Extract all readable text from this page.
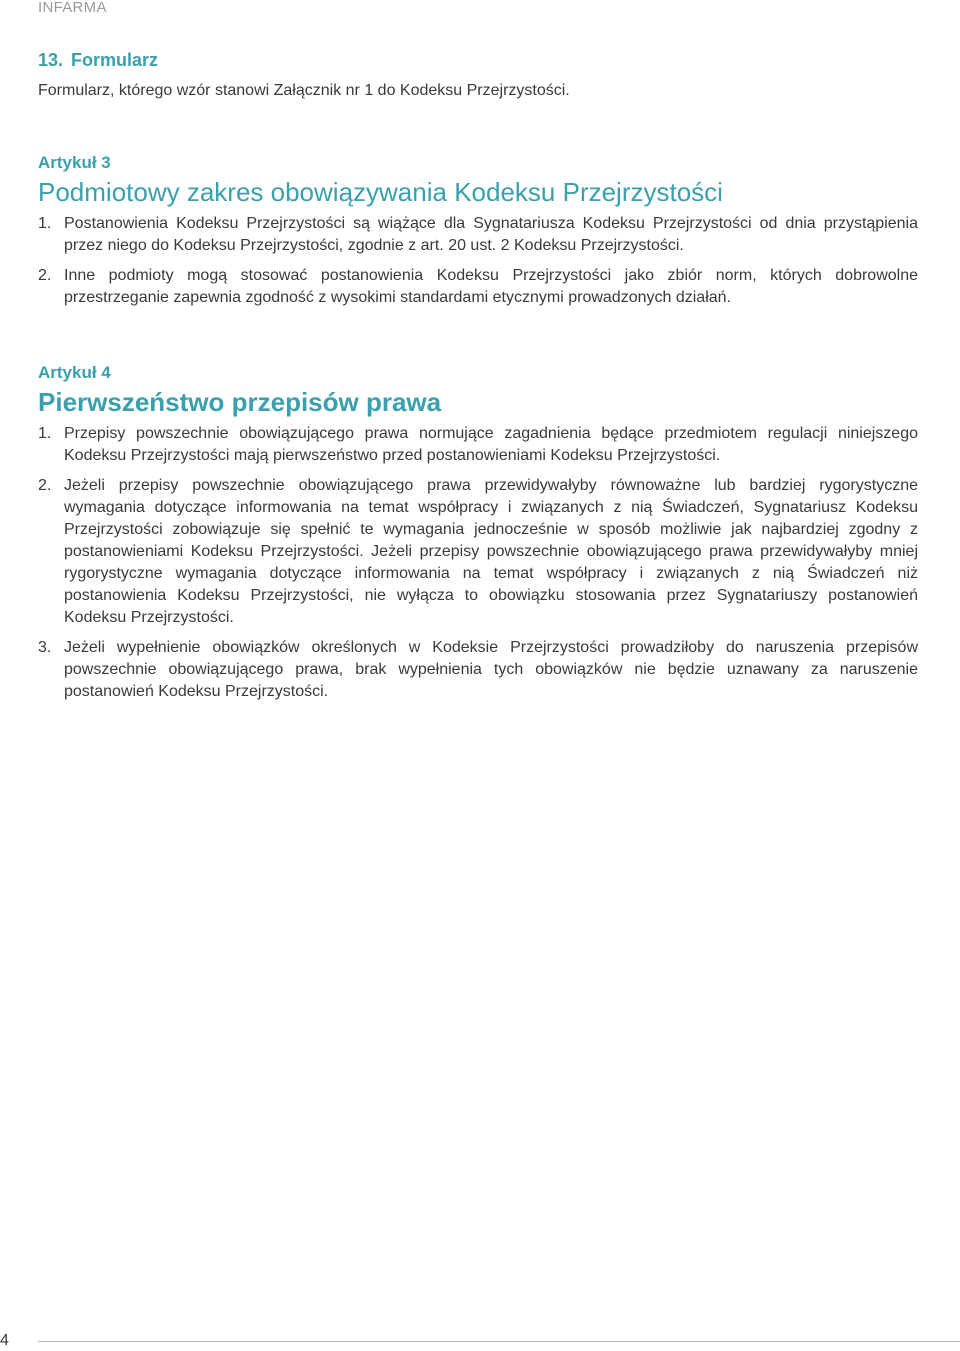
INFARMA
13. Formularz
Formularz, którego wzór stanowi Załącznik nr 1 do Kodeksu Przejrzystości.
Artykuł 3
Podmiotowy zakres obowiązywania Kodeksu Przejrzystości
1. Postanowienia Kodeksu Przejrzystości są wiążące dla Sygnatariusza Kodeksu Przejrzystości od dnia przystąpienia przez niego do Kodeksu Przejrzystości, zgodnie z art. 20 ust. 2 Kodeksu Przejrzystości.
2. Inne podmioty mogą stosować postanowienia Kodeksu Przejrzystości jako zbiór norm, których dobrowolne przestrzeganie zapewnia zgodność z wysokimi standardami etycznymi prowadzonych działań.
Artykuł 4
Pierwszeństwo przepisów prawa
1. Przepisy powszechnie obowiązującego prawa normujące zagadnienia będące przedmiotem regulacji niniejszego Kodeksu Przejrzystości mają pierwszeństwo przed postanowieniami Kodeksu Przejrzystości.
2. Jeżeli przepisy powszechnie obowiązującego prawa przewidywałyby równoważne lub bardziej rygorystyczne wymagania dotyczące informowania na temat współpracy i związanych z nią Świadczeń, Sygnatariusz Kodeksu Przejrzystości zobowiązuje się spełnić te wymagania jednocześnie w sposób możliwie jak najbardziej zgodny z postanowieniami Kodeksu Przejrzystości. Jeżeli przepisy powszechnie obowiązującego prawa przewidywałyby mniej rygorystyczne wymagania dotyczące informowania na temat współpracy i związanych z nią Świadczeń niż postanowienia Kodeksu Przejrzystości, nie wyłącza to obowiązku stosowania przez Sygnatariuszy postanowień Kodeksu Przejrzystości.
3. Jeżeli wypełnienie obowiązków określonych w Kodeksie Przejrzystości prowadziłoby do naruszenia przepisów powszechnie obowiązującego prawa, brak wypełnienia tych obowiązków nie będzie uznawany za naruszenie postanowień Kodeksu Przejrzystości.
4
